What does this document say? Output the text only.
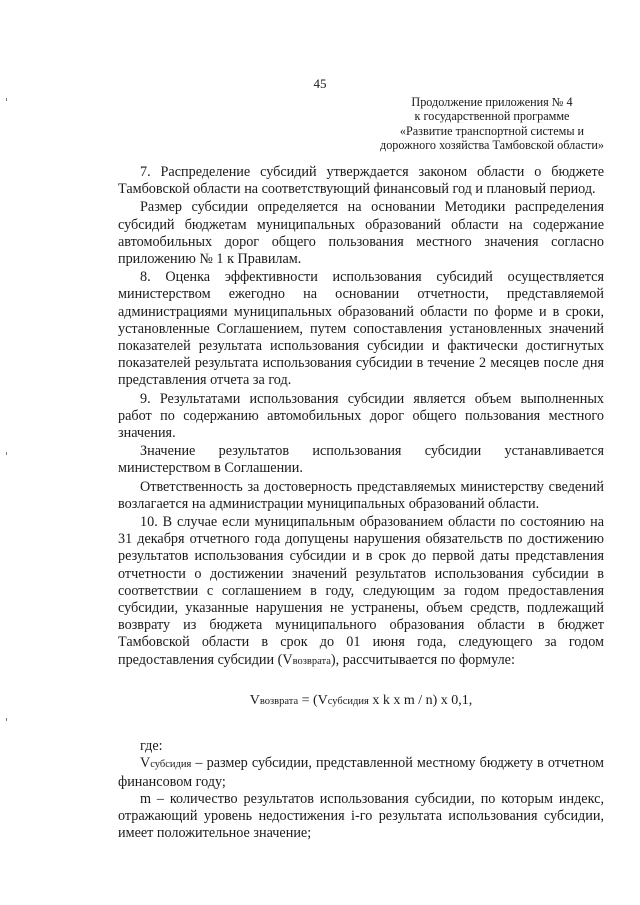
45
Продолжение приложения № 4
к государственной программе
«Развитие транспортной системы и
дорожного хозяйства Тамбовской области»

7. Распределение субсидий утверждается законом области о бюджете Тамбовской области на соответствующий финансовый год и плановый период.

Размер субсидии определяется на основании Методики распределения субсидий бюджетам муниципальных образований области на содержание автомобильных дорог общего пользования местного значения согласно приложению № 1 к Правилам.

8. Оценка эффективности использования субсидий осуществляется министерством ежегодно на основании отчетности, представляемой администрациями муниципальных образований области по форме и в сроки, установленные Соглашением, путем сопоставления установленных значений показателей результата использования субсидии и фактически достигнутых показателей результата использования субсидии в течение 2 месяцев после дня представления отчета за год.

9. Результатами использования субсидии является объем выполненных работ по содержанию автомобильных дорог общего пользования местного значения.

Значение результатов использования субсидии устанавливается министерством в Соглашении.

Ответственность за достоверность представляемых министерству сведений возлагается на администрации муниципальных образований области.

10. В случае если муниципальным образованием области по состоянию на 31 декабря отчетного года допущены нарушения обязательств по достижению результатов использования субсидии и в срок до первой даты представления отчетности о достижении значений результатов использования субсидии в соответствии с соглашением в году, следующим за годом предоставления субсидии, указанные нарушения не устранены, объем средств, подлежащий возврату из бюджета муниципального образования области в бюджет Тамбовской области в срок до 01 июня года, следующего за годом предоставления субсидии (Vвозврата), рассчитывается по формуле:

Vвозврата = (Vсубсидия x k x m / n) x 0,1,

где:

Vсубсидия – размер субсидии, представленной местному бюджету в отчетном финансовом году;

m – количество результатов использования субсидии, по которым индекс, отражающий уровень недостижения i-го результата использования субсидии, имеет положительное значение;
